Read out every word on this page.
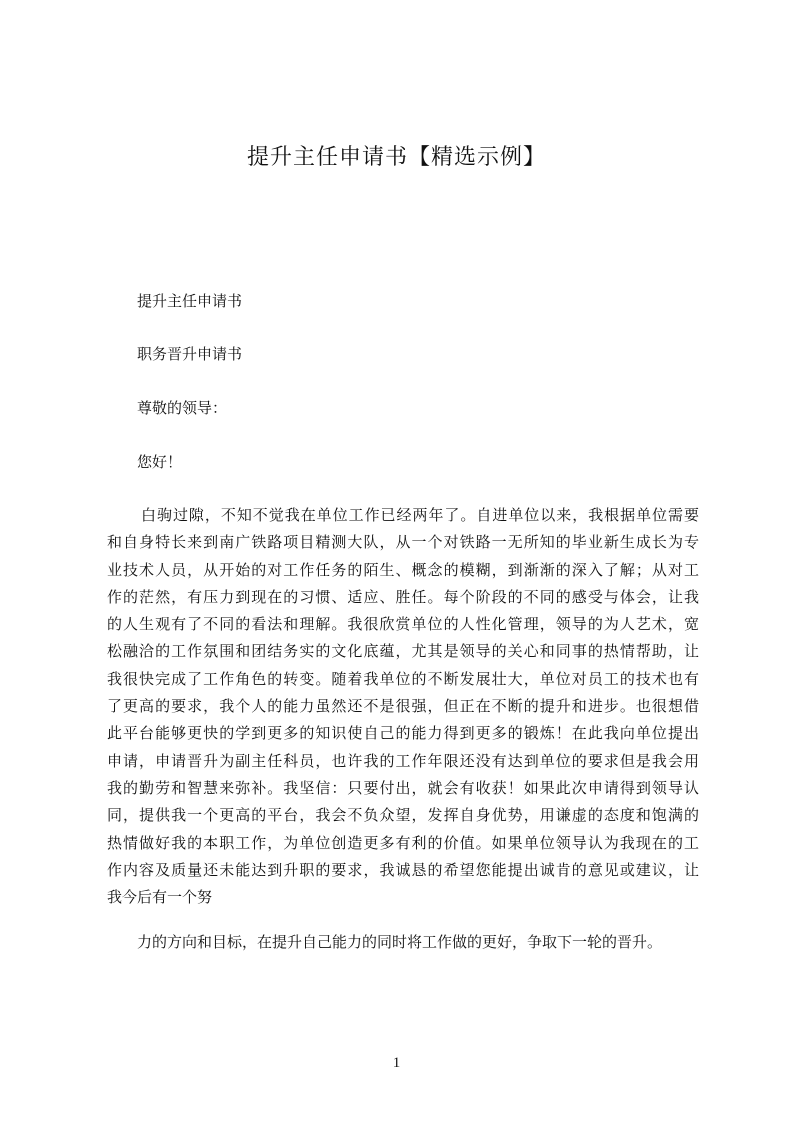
提升主任申请书【精选示例】

提升主任申请书

职务晋升申请书

尊敬的领导：

您好！

白驹过隙，不知不觉我在单位工作已经两年了。自进单位以来，我根据单位需要
和自身特长来到南广铁路项目精测大队，从一个对铁路一无所知的毕业新生成长为专
业技术人员，从开始的对工作任务的陌生、概念的模糊，到渐渐的深入了解；从对工
作的茫然，有压力到现在的习惯、适应、胜任。每个阶段的不同的感受与体会，让我
的人生观有了不同的看法和理解。我很欣赏单位的人性化管理，领导的为人艺术，宽
松融洽的工作氛围和团结务实的文化底蕴，尤其是领导的关心和同事的热情帮助，让
我很快完成了工作角色的转变。随着我单位的不断发展壮大，单位对员工的技术也有
了更高的要求，我个人的能力虽然还不是很强，但正在不断的提升和进步。也很想借
此平台能够更快的学到更多的知识使自己的能力得到更多的锻炼！在此我向单位提出
申请，申请晋升为副主任科员，也许我的工作年限还没有达到单位的要求但是我会用
我的勤劳和智慧来弥补。我坚信：只要付出，就会有收获！如果此次申请得到领导认
同，提供我一个更高的平台，我会不负众望，发挥自身优势，用谦虚的态度和饱满的
热情做好我的本职工作，为单位创造更多有利的价值。如果单位领导认为我现在的工
作内容及质量还未能达到升职的要求，我诚恳的希望您能提出诚肯的意见或建议，让
我今后有一个努

力的方向和目标，在提升自己能力的同时将工作做的更好，争取下一轮的晋升。

1
